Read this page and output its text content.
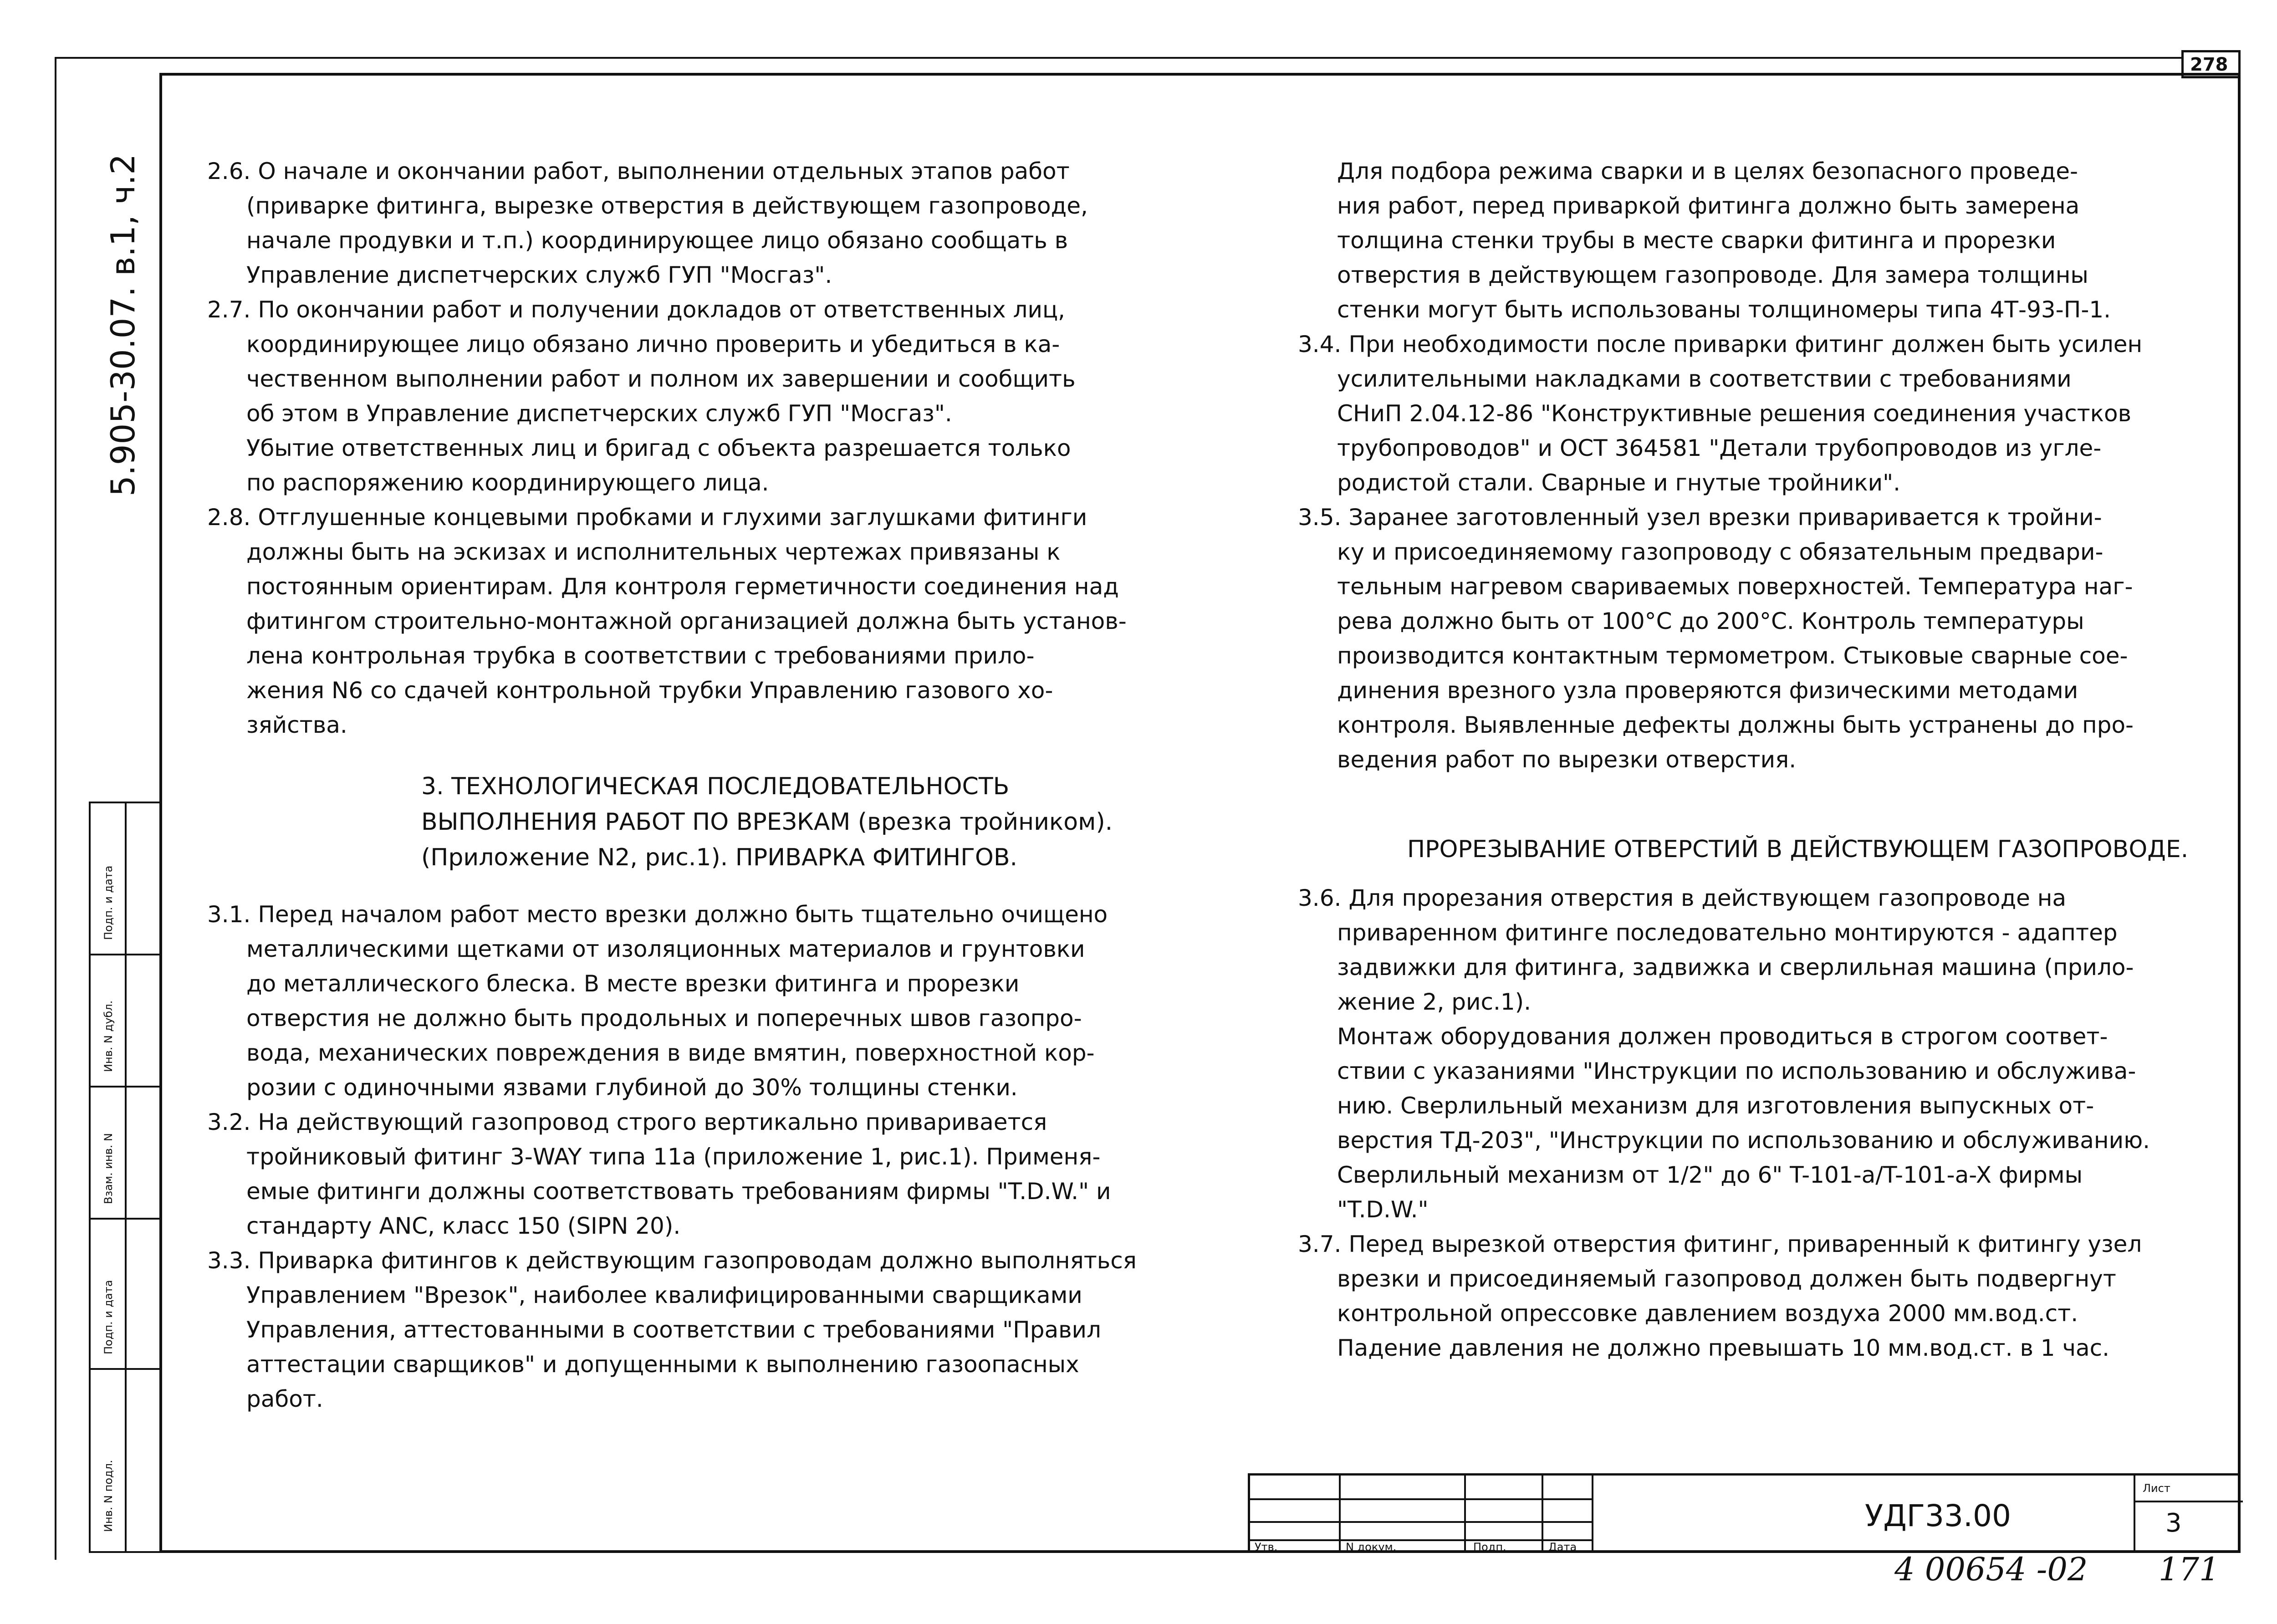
278
Подп. и дата
Инв. N дубл.
Взам. инв. N
Подп. и дата
Инв. N подл.
5.905-30.07. в.1, ч.2	2.6. О начале и окончании работ, выполнении отдельных этапов работ
(приварке фитинга, вырезке отверстия в действующем газопроводе,
начале продувки и т.п.) координирующее лицо обязано сообщать в
Управление диспетчерских служб ГУП "Мосгаз".
2.7. По окончании работ и получении докладов от ответственных лиц,
координирующее лицо обязано лично проверить и убедиться в ка-
чественном выполнении работ и полном их завершении и сообщить
об этом в Управление диспетчерских служб ГУП "Мосгаз".
Убытие ответственных лиц и бригад с объекта разрешается только
по распоряжению координирующего лица.
2.8. Отглушенные концевыми пробками и глухими заглушками фитинги
должны быть на эскизах и исполнительных чертежах привязаны к
постоянным ориентирам. Для контроля герметичности соединения над
фитингом строительно-монтажной организацией должна быть установ-
лена контрольная трубка в соответствии с требованиями прило-
жения N6 со сдачей контрольной трубки Управлению газового хо-
зяйства.
3. ТЕХНОЛОГИЧЕСКАЯ ПОСЛЕДОВАТЕЛЬНОСТЬ
ВЫПОЛНЕНИЯ РАБОТ ПО ВРЕЗКАМ (врезка тройником).
(Приложение N2, рис.1). ПРИВАРКА ФИТИНГОВ.
3.1. Перед началом работ место врезки должно быть тщательно очищено
металлическими щетками от изоляционных материалов и грунтовки
до металлического блеска. В месте врезки фитинга и прорезки
отверстия не должно быть продольных и поперечных швов газопро-
вода, механических повреждения в виде вмятин, поверхностной кор-
розии с одиночными язвами глубиной до 30% толщины стенки.
3.2. На действующий газопровод строго вертикально приваривается
тройниковый фитинг 3-WAY типа 11а (приложение 1, рис.1). Применя-
емые фитинги должны соответствовать требованиям фирмы "T.D.W." и
стандарту ANC, класс 150 (SIPN 20).
3.3. Приварка фитингов к действующим газопроводам должно выполняться
Управлением "Врезок", наиболее квалифицированными сварщиками
Управления, аттестованными в соответствии с требованиями "Правил
аттестации сварщиков" и допущенными к выполнению газоопасных
работ.
Для подбора режима сварки и в целях безопасного проведе-
ния работ, перед приваркой фитинга должно быть замерена
толщина стенки трубы в месте сварки фитинга и прорезки
отверстия в действующем газопроводе. Для замера толщины
стенки могут быть использованы толщиномеры типа 4Т-93-П-1.
3.4. При необходимости после приварки фитинг должен быть усилен
усилительными накладками в соответствии с требованиями
СНиП 2.04.12-86 "Конструктивные решения соединения участков
трубопроводов" и ОСТ 364581 "Детали трубопроводов из угле-
родистой стали. Сварные и гнутые тройники".
3.5. Заранее заготовленный узел врезки приваривается к тройни-
ку и присоединяемому газопроводу с обязательным предвари-
тельным нагревом свариваемых поверхностей. Температура наг-
рева должно быть от 100°С до 200°С. Контроль температуры
производится контактным термометром. Стыковые сварные сое-
динения врезного узла проверяются физическими методами
контроля. Выявленные дефекты должны быть устранены до про-
ведения работ по вырезки отверстия.
ПРОРЕЗЫВАНИЕ ОТВЕРСТИЙ В ДЕЙСТВУЮЩЕМ ГАЗОПРОВОДЕ.
3.6. Для прорезания отверстия в действующем газопроводе на
приваренном фитинге последовательно монтируются - адаптер
задвижки для фитинга, задвижка и сверлильная машина (прило-
жение 2, рис.1).
Монтаж оборудования должен проводиться в строгом соответ-
ствии с указаниями "Инструкции по использованию и обслужива-
нию. Сверлильный механизм для изготовления выпускных от-
верстия ТД-203", "Инструкции по использованию и обслуживанию.
Сверлильный механизм от 1/2" до 6" T-101-a/T-101-a-X фирмы
"T.D.W."
3.7. Перед вырезкой отверстия фитинг, приваренный к фитингу узел
врезки и присоединяемый газопровод должен быть подвергнут
контрольной опрессовке давлением воздуха 2000 мм.вод.ст.
Падение давления не должно превышать 10 мм.вод.ст. в 1 час.
Утв.	N докум.	Подп.	Дата
УДГ33.00
Лист
3
4 00654 -02 171
